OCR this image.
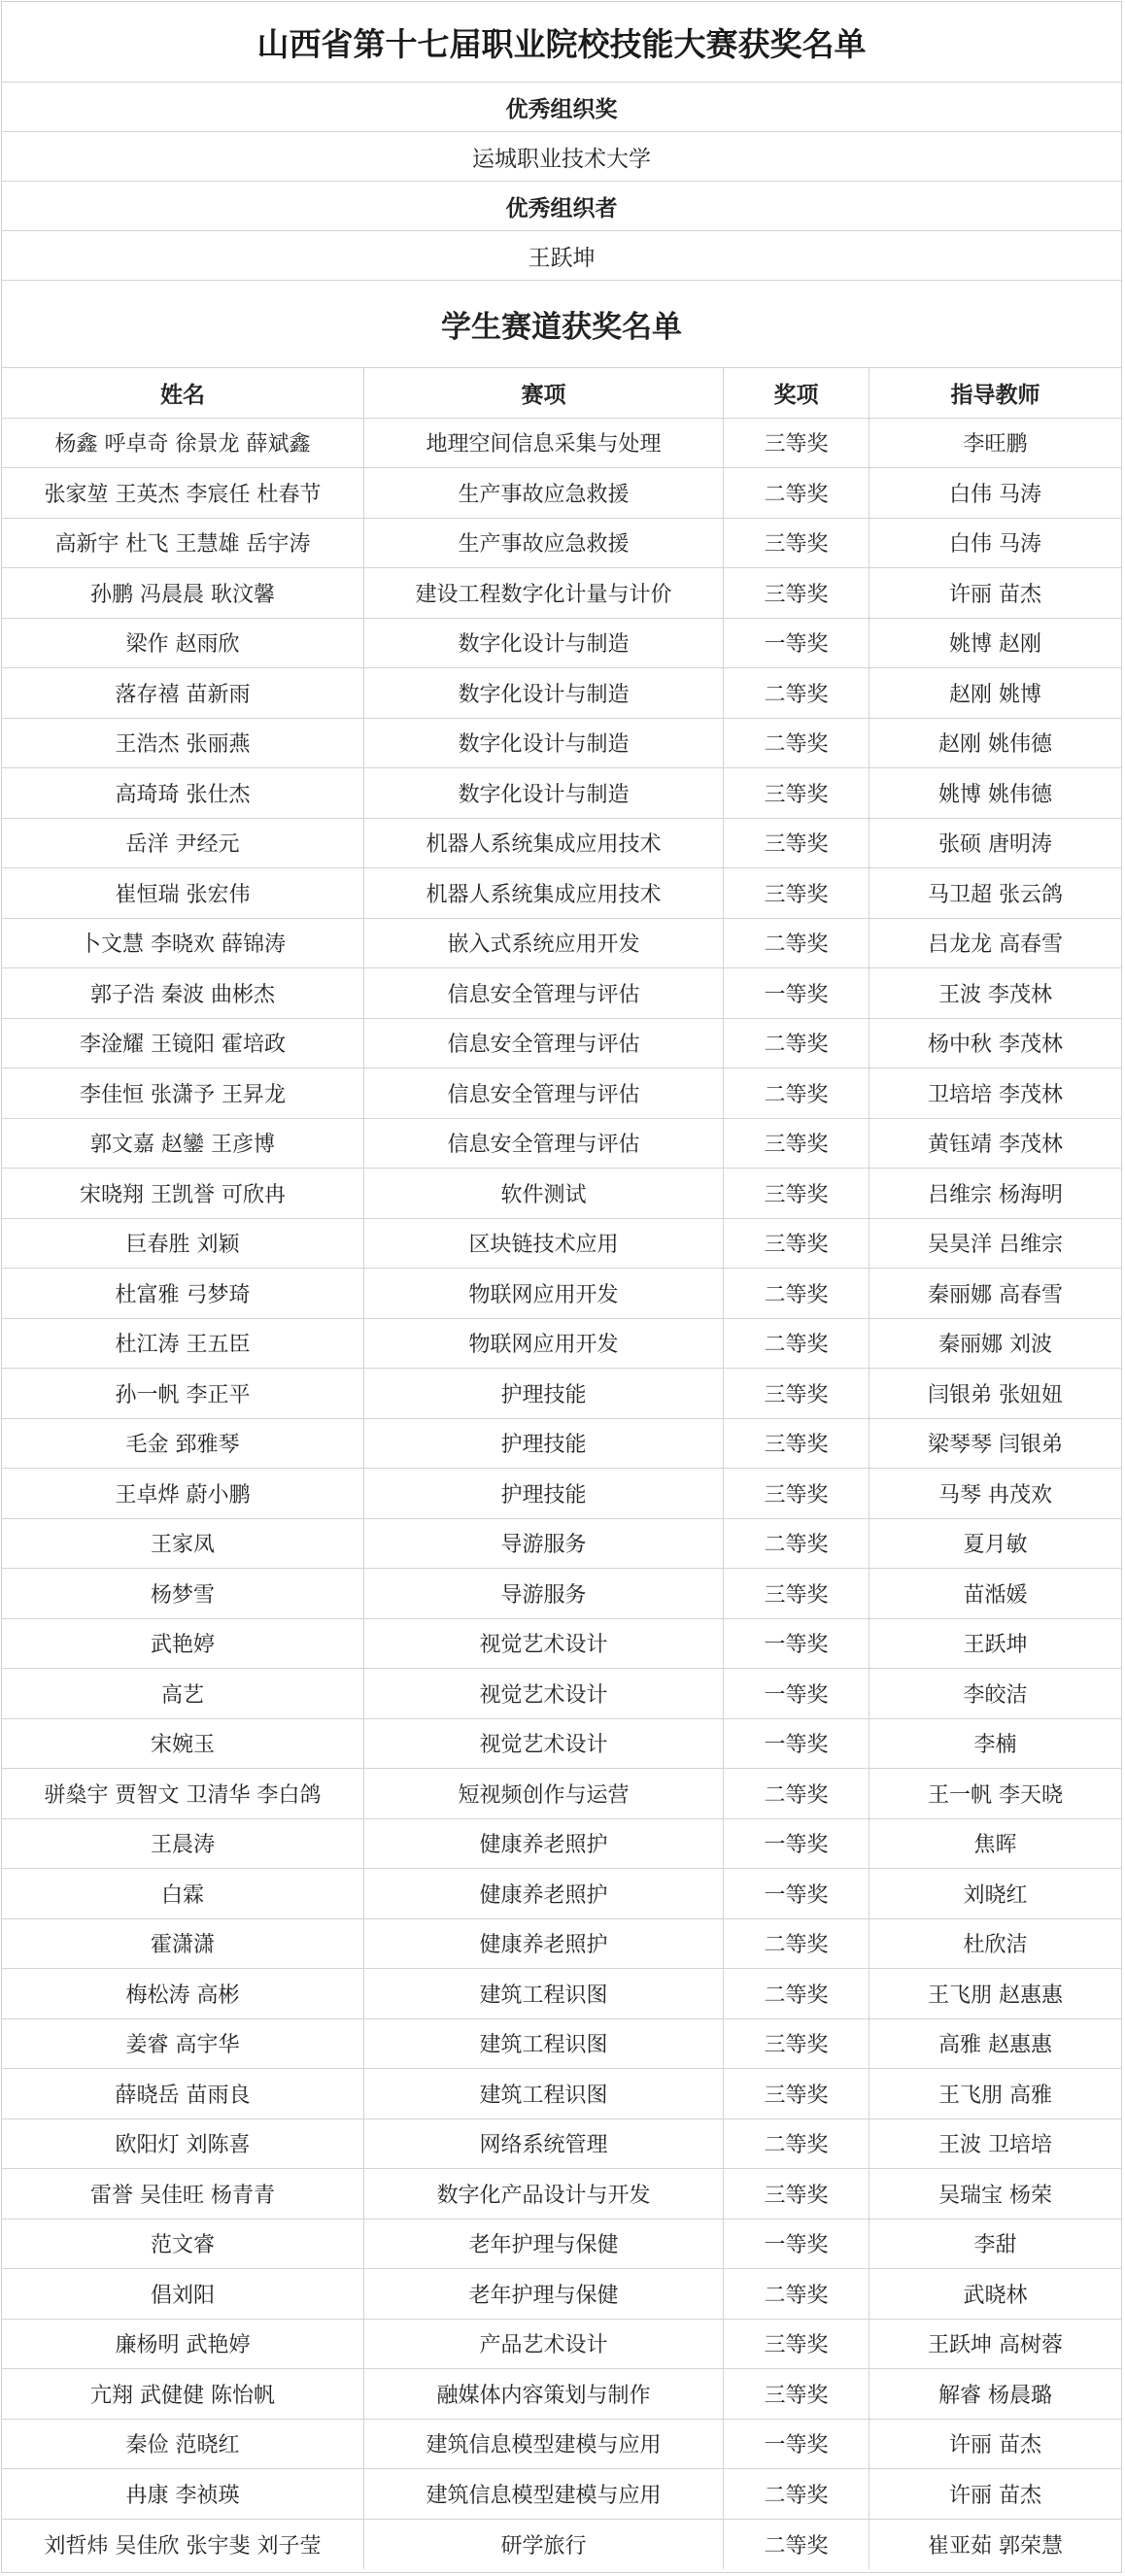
山西省第十七届职业院校技能大赛获奖名单
优秀组织奖
运城职业技术大学
优秀组织者
王跃坤
学生赛道获奖名单
姓名	赛项	奖项	指导教师
杨鑫 呼卓奇 徐景龙 薛斌鑫	地理空间信息采集与处理	三等奖	李旺鹏
张家堃 王英杰 李宸任 杜春节	生产事故应急救援	二等奖	白伟 马涛
高新宇 杜飞 王慧雄 岳宇涛	生产事故应急救援	三等奖	白伟 马涛
孙鹏 冯晨晨 耿汶馨	建设工程数字化计量与计价	三等奖	许丽 苗杰
梁作 赵雨欣	数字化设计与制造	一等奖	姚博 赵刚
落存禧 苗新雨	数字化设计与制造	二等奖	赵刚 姚博
王浩杰 张丽燕	数字化设计与制造	二等奖	赵刚 姚伟德
高琦琦 张仕杰	数字化设计与制造	三等奖	姚博 姚伟德
岳洋 尹经元	机器人系统集成应用技术	三等奖	张硕 唐明涛
崔恒瑞 张宏伟	机器人系统集成应用技术	三等奖	马卫超 张云鸽
卜文慧 李晓欢 薛锦涛	嵌入式系统应用开发	二等奖	吕龙龙 高春雪
郭子浩 秦波 曲彬杰	信息安全管理与评估	一等奖	王波 李茂林
李淦耀 王镜阳 霍培政	信息安全管理与评估	二等奖	杨中秋 李茂林
李佳恒 张潇予 王昇龙	信息安全管理与评估	二等奖	卫培培 李茂林
郭文嘉 赵鑾 王彦博	信息安全管理与评估	三等奖	黄钰靖 李茂林
宋晓翔 王凯誉 可欣冉	软件测试	三等奖	吕维宗 杨海明
巨春胜 刘颖	区块链技术应用	三等奖	吴昊洋 吕维宗
杜富雅 弓梦琦	物联网应用开发	二等奖	秦丽娜 高春雪
杜江涛 王五臣	物联网应用开发	二等奖	秦丽娜 刘波
孙一帆 李正平	护理技能	三等奖	闫银弟 张妞妞
毛金 郅雅琴	护理技能	三等奖	梁琴琴 闫银弟
王卓烨 蔚小鹏	护理技能	三等奖	马琴 冉茂欢
王家凤	导游服务	二等奖	夏月敏
杨梦雪	导游服务	三等奖	苗湉媛
武艳婷	视觉艺术设计	一等奖	王跃坤
高艺	视觉艺术设计	一等奖	李皎洁
宋婉玉	视觉艺术设计	一等奖	李楠
骈燊宇 贾智文 卫清华 李白鸽	短视频创作与运营	二等奖	王一帆 李天晓
王晨涛	健康养老照护	一等奖	焦晖
白霖	健康养老照护	一等奖	刘晓红
霍潇潇	健康养老照护	二等奖	杜欣洁
梅松涛 高彬	建筑工程识图	二等奖	王飞朋 赵惠惠
姜睿 高宇华	建筑工程识图	三等奖	高雅 赵惠惠
薛晓岳 苗雨良	建筑工程识图	三等奖	王飞朋 高雅
欧阳灯 刘陈喜	网络系统管理	二等奖	王波 卫培培
雷誉 吴佳旺 杨青青	数字化产品设计与开发	三等奖	吴瑞宝 杨荣
范文睿	老年护理与保健	一等奖	李甜
倡刘阳	老年护理与保健	二等奖	武晓林
廉杨明 武艳婷	产品艺术设计	三等奖	王跃坤 高树蓉
亢翔 武健健 陈怡帆	融媒体内容策划与制作	三等奖	解睿 杨晨璐
秦俭 范晓红	建筑信息模型建模与应用	一等奖	许丽 苗杰
冉康 李祯瑛	建筑信息模型建模与应用	二等奖	许丽 苗杰
刘哲炜 吴佳欣 张宇斐 刘子莹	研学旅行	二等奖	崔亚茹 郭荣慧
